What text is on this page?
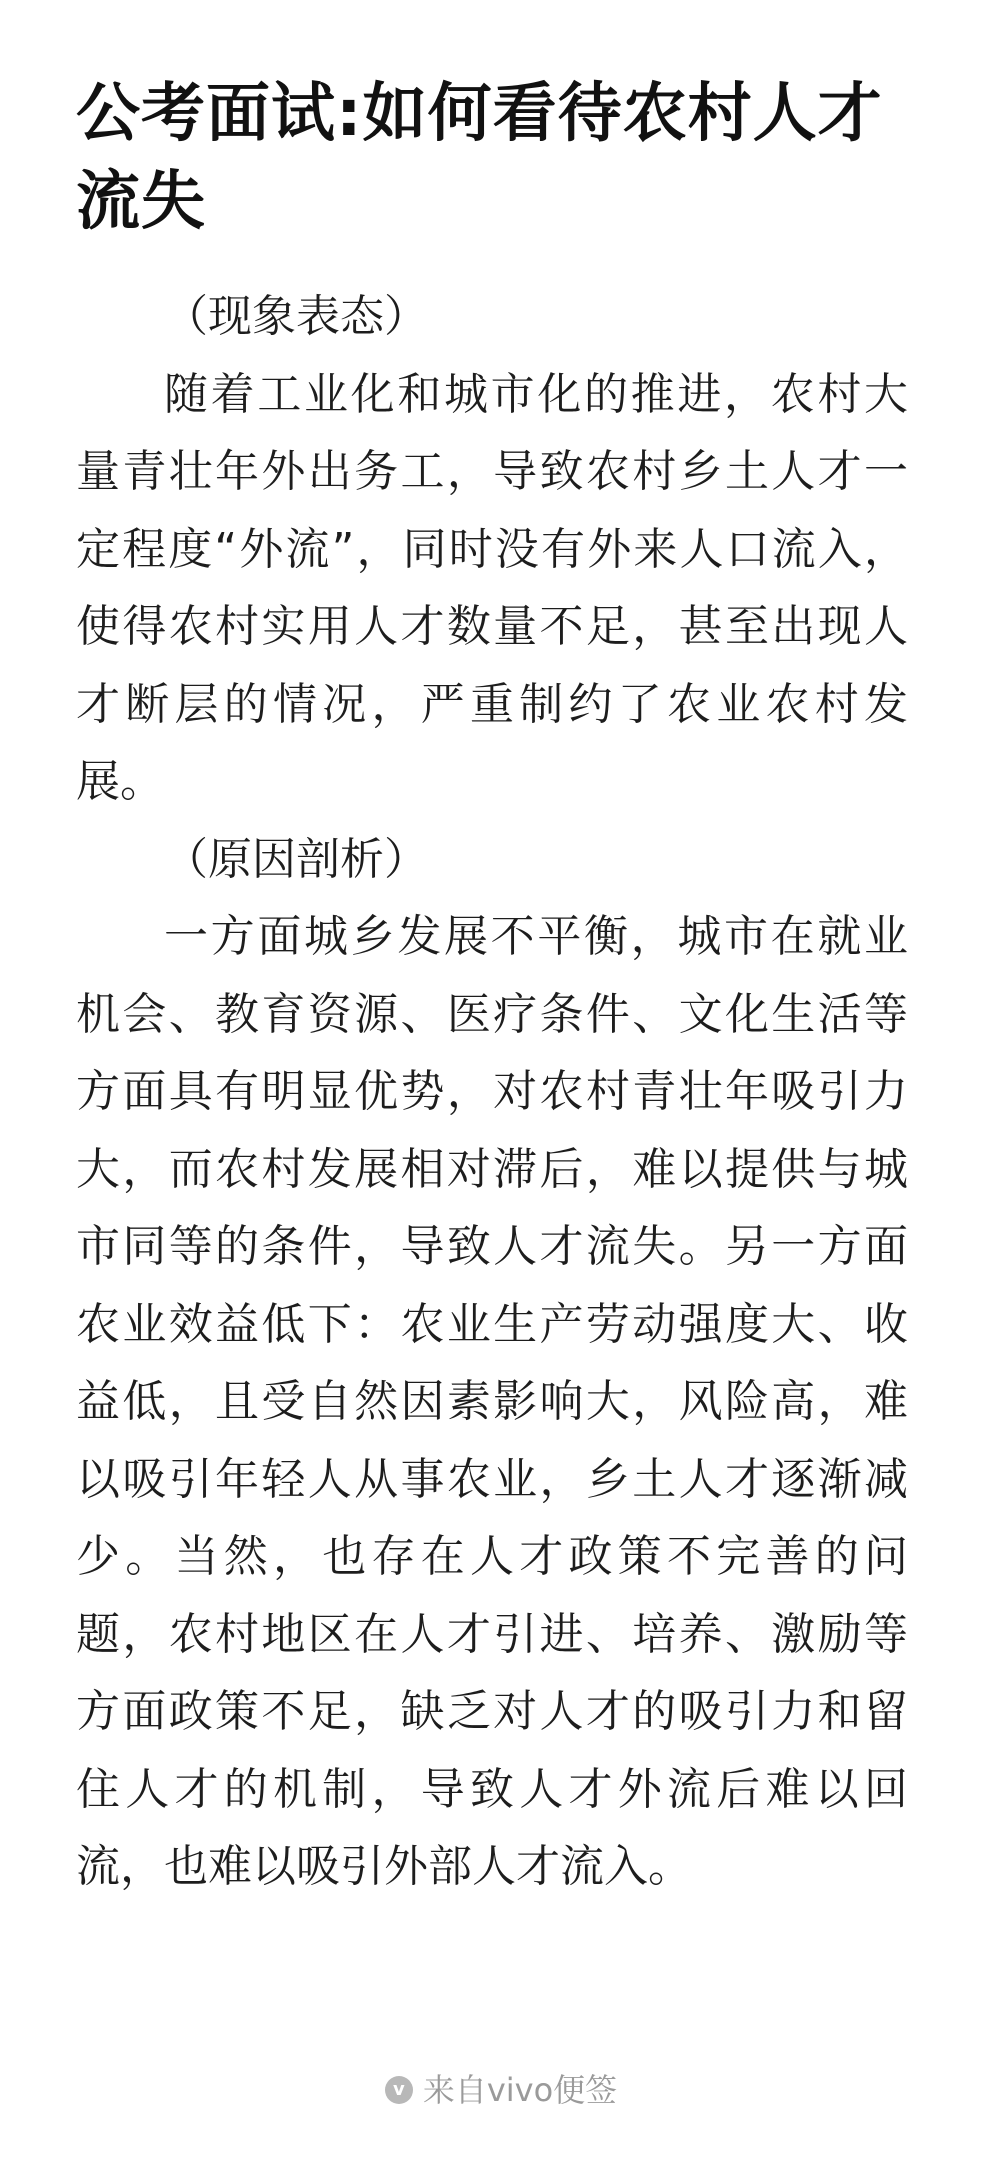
公考面试:如何看待农村人才流失

（现象表态）

随着工业化和城市化的推进，农村大量青壮年外出务工，导致农村乡土人才一定程度“外流”，同时没有外来人口流入，使得农村实用人才数量不足，甚至出现人才断层的情况，严重制约了农业农村发展。

（原因剖析）

一方面城乡发展不平衡，城市在就业机会、教育资源、医疗条件、文化生活等方面具有明显优势，对农村青壮年吸引力大，而农村发展相对滞后，难以提供与城市同等的条件，导致人才流失。另一方面农业效益低下：农业生产劳动强度大、收益低，且受自然因素影响大，风险高，难以吸引年轻人从事农业，乡土人才逐渐减少。当然，也存在人才政策不完善的问题，农村地区在人才引进、培养、激励等方面政策不足，缺乏对人才的吸引力和留住人才的机制，导致人才外流后难以回流，也难以吸引外部人才流入。

v 来自vivo便签
